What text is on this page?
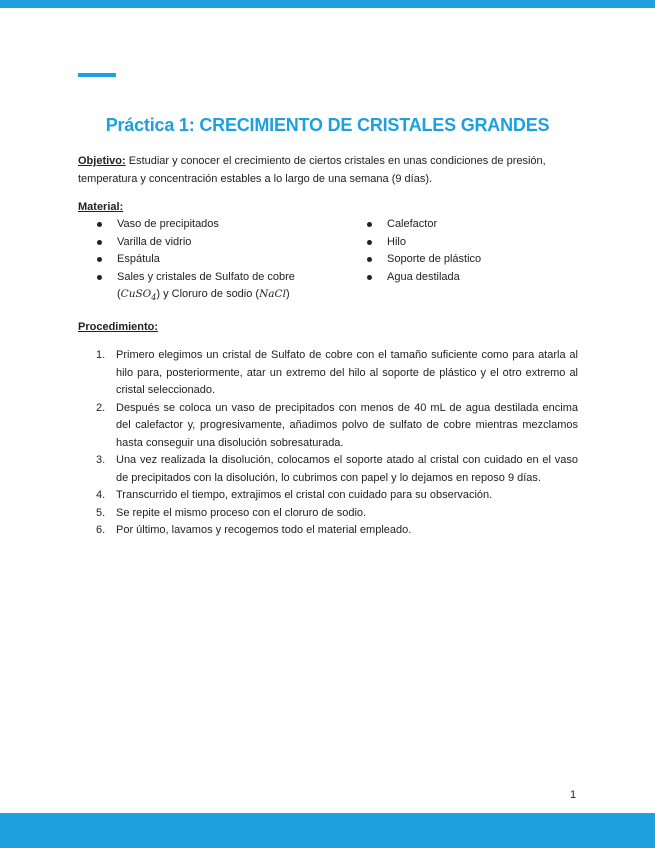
Práctica 1: CRECIMIENTO DE CRISTALES GRANDES
Objetivo: Estudiar y conocer el crecimiento de ciertos cristales en unas condiciones de presión, temperatura y concentración estables a lo largo de una semana (9 días).
Material:
Vaso de precipitados
Varilla de vidrio
Espátula
Sales y cristales de Sulfato de cobre (CuSO$_4$) y Cloruro de sodio (NaCl)
Calefactor
Hilo
Soporte de plástico
Agua destilada
Procedimiento:
1. Primero elegimos un cristal de Sulfato de cobre con el tamaño suficiente como para atarla al hilo para, posteriormente, atar un extremo del hilo al soporte de plástico y el otro extremo al cristal seleccionado.
2. Después se coloca un vaso de precipitados con menos de 40 mL de agua destilada encima del calefactor y, progresivamente, añadimos polvo de sulfato de cobre mientras mezclamos hasta conseguir una disolución sobresaturada.
3. Una vez realizada la disolución, colocamos el soporte atado al cristal con cuidado en el vaso de precipitados con la disolución, lo cubrimos con papel y lo dejamos en reposo 9 días.
4. Transcurrido el tiempo, extrajimos el cristal con cuidado para su observación.
5. Se repite el mismo proceso con el cloruro de sodio.
6. Por último, lavamos y recogemos todo el material empleado.
1
